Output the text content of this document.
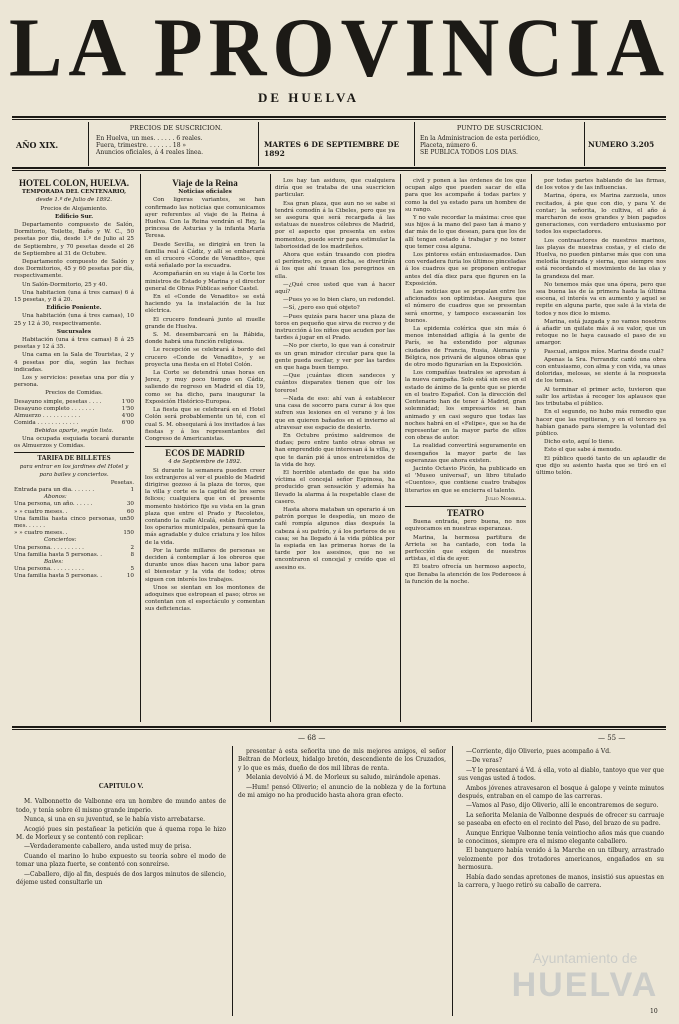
LA PROVINCIA
DE HUELVA
AÑO XIX.
PRECIOS DE SUSCRICION.
En Huelva, un mes. . . . . . 6 reales.
Fuera, trimestre. . . . . . . 18 »
Anuncios oficiales, á 4 reales línea.
MARTES 6 DE SEPTIEMBRE DE 1892
PUNTO DE SUSCRICION.
En la Administracion de esta periódico,
Placeta, número 6.
SE PUBLICA TODOS LOS DIAS.
NUMERO 3.205
HOTEL COLON, HUELVA.

TEMPORADA DEL CENTENARIO,

desde 1.º de Julio de 1892.

Precios de Alojamiento.

Edificio Sur.

Departamento compuesto de Salón, Dormitorio, Toilette, Baño y W. C., 50 pesetas por día, desde 1.º de Julio al 25 de Septiembre, y 70 pesetas desde el 26 de Septiembre al 31 de Octubre.

Departamento compuesto de Salón y dos Dormitorios, 45 y 60 pesetas por día, respectivamente.

Un Salón-Dormitorio, 25 y 40.

Una habitacion (una á tres camas) 6 á 15 pesetas, y 8 á 20.

Edificio Poniente.

Una habitación (una á tres camas), 10 25 y 12 á 30, respectivamente.

Sucursales

Habitación (una á tres camas) 8 á 25 pesetas y 12 á 35.

Una cama en la Sala de Touristas, 2 y 4 pesetas por día, según las fechas indicadas.

Los y servicios: pesetas una por día y persona.

Precios de Comidas.

Desayuno simple, pesetas . . . .	1'00
Desayuno completo . . . . . . .	1'50
Almuerzo . . . . . . . . . . .	4'00
Comida . . . . . . . . . . . .	6'00

Bebidas aparte, según lista.

Una ocupada esquiada tocará durante os Almuerzos y Comidas.

TARIFA DE BILLETES

para entrar en los jardines del Hotel y para bailes y conciertos.

Pesetas.
Entrada para un dia. . . . . . .	1
Abonos:
Una persona, un año. . . . . .	30
» » cuatro meses. .	60
Una familia hasta cinco personas, un mes. . . . . .
50
» » cuatro meses. .	150
Conciertos:
Una persona. . . . . . . . . .	2
Una familia hasta 5 personas. .	8
Bailes:
Una persona. . . . . . . . . .	5
Una familia hasta 5 personas. .	10
Viaje de la Reina

Noticias oficiales

Con ligeras variantes, se han confirmado las noticias que comunicamos ayer referentes al viaje de la Reina á Huelva. Con la Reina vendrán el Rey, la princesa de Asturias y la infanta María Teresa.

Desde Sevilla, se dirigirá en tren la familia real á Cádiz, y allí se embarcará en el crucero «Conde de Venadito», que está señalado por la escuadra.

Acompañarán en su viaje á la Corte los ministros de Estado y Marina y el director general de Obras Públicas señor Castel.

En el «Conde de Venadito» se está haciendo ya la instalación de la luz eléctrica.

El crucero fondeará junto al muelle grande de Huelva.

S. M. desembarcará en la Rábida, donde habrá una función religiosa.

Le recepción se celebrará á bordo del crucero «Conde de Venadito», y se proyecta una fiesta en el Hotel Colón.

La Corte se detendrá unas horas en Jerez, y muy poco tiempo en Cádiz, saliendo de regreso en Madrid el día 19, como se ha dicho, para inaugurar la Exposición Histórico-Europea.

La fiesta que se celebrará en el Hotel Colón será probablemente un té, con el cual S. M. obsequiará á los invitados á las fiestas y á los representantes del Congreso de Americanistas.

ECOS DE MADRID

4 de Septiembre de 1892.

Si durante la semanera pueden creer los extranjeros al ver el pueblo de Madrid dirigirse gozoso á la plaza de toros, que la villa y corte es la capital de los seres felices; cualquiera que en el presente momento histórico fije su vista en la gran plaza que entre el Prado y Recoletos, contando la calle Alcalá, están formando los operarios municipales, pensará que la más agradable y dulce criatura y los hilos de la vida.

Por la tarde millares de personas se deciden á contemplar á los obreros que durante unos días hacen una labor para el bienestar y la vida de todos; otros siguen con interés los trabajos.

Unos se sientan en los montones de adoquines que estropean el paso; otros se contentan con el espectáculo y comentan sus deficiencias.

Los hay tan asiduos, que cualquiera diría que se trataba de una suscricion particular.

Esa gran plaza, que aun no se sabe si tendrá comodín á la Cibeles, pero que ya se asegura que será recargada á las estatuas de nuestros célebres de Madrid, por el aspecto que presenta en estos momentos, puede servir para estimular la laboriosidad de los madrileños.

Ahora que están trasando con piedra el perímetro, es gran dicha, se divertirán á los que ahí trasan los peregrinos en ella.

—¿Qué cree usted que van á hacer aquí?

—Pues yo se lo bien claro, un redondel.

—Sí, ¿pero eso qué objeto?

—Pues quizás para hacer una plaza de toros en pequeño que sirva de recreo y de instrucción á los niños que acuden por las tardes á jugar en el Prado.

—No por cierto, lo que van á construir es un gran mirador circular para que la gente pueda oscilar, y ver por las tardes en que haga buen tiempo.

—Que ¡cuántas dicen sandeces y cuántos disparates tienen que oír los toreros!

—Nada de eso: ahí van á establecer una casa de socorro para curar á los que sufren sus lesiones en el verano y á los que en quieren bañados en el invierno al atravesar ese espacio de desierto.

En Octubre próximo saldremos de dudas; pero entre tanto otras obras se han emprendido que interesan á la villa, y que te darán pié á unos entretenidos de la vida de hoy.

El horrible atentado de que ha sido víctima el concejal señor Espinosa, ha producido gran sensación y además ha llevado la alarma á la respetable clase de casero.

Hasta ahora mataban un operario á un patrón porque le despedía, un mozo de café rompía algunos días después la cabeza á su patrón, y á los porteros de su casa; se ha llegado á la vida pública por la espiada en las primeras horas de la tarde por los asesinos, que no se encontraron el concejal y creído que el asesino es.

civil y ponen á las órdenes de los que ocupan algo que pueden sacar de ella para que les acompañe á todas partes y como la del ya estado para un hombre de su rango.

Y no vale recordar la máxima: cree que sus hijos á la mano del paso tan á mano y dar más de lo que desean, para que los de allí tengan estado á trabajar y no tener que temer cosa alguna.

Los pintores están entusiasmados. Dan con verdadera furia los últimos pinceladas á los cuadros que se proponen entregar antes del día diez para que figuren en la Exposición.

Las noticias que se propalan entre los aficionados son optimistas. Asegura que el número de cuadros que se presentan será enorme, y tampoco escasearán los buenos.

La epidemia colérica que sin más ó menos intensidad afligía á la gente de París, se ha extendido por algunas ciudades de Francia, Rusia, Alemania y Bélgica, nos privará de algunos obras que de otro modo figurarían en la Exposición.

Los compañías teatrales se aprestan á la nueva campaña. Solo está sin eso en el estado de ánimo de la gente que se pierde en el teatro Español. Con la dirección del Centenario han de tener á Madrid, gran solemnidad; los empresarios se han animado y en casi seguro que todas las noches habrá en el «Felipe», que se ha de representar en la mayor parte de ellos con obras de autor.

La realidad convertirá seguramente en desengaños la mayor parte de las esperanzas que ahora existen.

Jacinto Octavio Picón, ha publicado en el 'Museo universal', un libro titulado «Cuentos», que contiene cuatro trabajos literarios en que se encierra el talento.

Julio Nombela.

TEATRO

Buena entrada, pero buena, no nos equivocamos en nuestras esperanzas.

Marina, la hermosa partitura de Arrieta se ha cantado, con toda la perfección que exigen de nuestros artistas, el día de ayer.

El teatro ofrecía un hermoso aspecto, que llenaba la atención de los Poderosos á la función de la noche.

por todas partes hablando de las firmas, de los votos y de las influencias.

Marina, ópera, es Marina zarzuela, unos recitados, á pie que con dio, y para V. de contar; la señorita, lo cultiva, el año á marcharon de esos grandes y bien pagados generaciones, con verdadero entusiasmo por todos los espectadores.

Los contraactores de nuestros marinos, las playas de nuestras costas, y el cielo de Huelva, no pueden pintarse más que con una melodía inspirada y sierna, que siempre nos está recordando el movimiento de las olas y la grandeza del mar.

No tenemos más que una ópera, pero que sea buena las de ía primera hasta la última escena, el interés va en aumento y aquel se repite en alguna parte, que sale á la vista de todos y nos dice lo mismo.

Marina, está juzgada y no vamos nosotros á añadir un quilate más á su valor, que un retoque no le haya causado el paso de su amargor.

Pascual, amigos míos. Marina desde cual?

Apenas la Sra. Ferrandiz cantó una obra con entusiasmo, con alma y con vida, va unas doloridas, melosas, se siente á la respuesta de los temas.

Al terminar el primer acto, tuvieron que salir los artistas á recoger los aplausos que les tributaba el público.

En el segundo, no hubo más remedio que hacer que las repitieran, y en el tercero ya habían ganado para siempre la voluntad del público.

Dicho esto, aquí lo tiene.

Esto el que sabe á menudo.

El público quedó tanto de un aplaudir de que dijo su asiento hasta que se tiró en el último telón.

— 68 —	— 55 —
CAPITULO V.

M. Valbonnetto de Valbonne era un hombre de mundo antes de todo, y tenía sobre él mismo grande imperio.

Nunca, si una en su juventud, se le había visto arrebatarse.

Acogió pues sin pestañear la petición que á quema ropa le hizo M. de Morleux y se contentó con replicar:

—Verdaderamente caballero, anda usted muy de prisa.

Cuando el marino lo hubo expuesto su teoría sobre el modo de tomar una plaza fuerte, se contentó con sonreírse.

—Caballero, dijo al fin, después de dos largos minutos de silencio, déjeme usted consultarle un

presentar á esta señorita uno de mis mejores amigos, el señor Beltran de Morleux, hidalgo bretón, descendiente de los Cruzados, y lo que es más, dueño de dos mil libras de renta.

Melania devolvió á M. de Morleux su saludo, mirándole apenas.

—Hum! pensó Oliverio; el anuncio de la nobleza y de la fortuna de mi amigo no ha producido hasta ahora gran efecto.

—Corriente, dijo Oliverio, pues acompaño á Vd.

—De veras?

—Y le presentaré á Vd. á ella, voto al diablo, tantoyo que ver que sus vengas usted á todos.

Ambos jóvenes atravesaron el bosque á galope y veinte minutos después, entraban en el campo de las carreras.

—Vamos al Paso, dijo Oliverio, allí le encontraremos de seguro.

La señorita Melania de Valbonne después de ofrecer su carruaje se paseaba en efecto en el recinto del Paso, del brazo de su padre.

Aunque Enrique Valbonne tenía veintiocho años más que cuando le conocimos, siempre era el mismo elegante caballero.

El banquero había venido á la Marche en un tilbury, arrastrado velozmente por dos trotadores americanos, engañados en su hermosura.

Había dado sendas apretones de manos, insistió sus apuestas en la carrera, y luego retiró su caballo de carrera.

10
Ayuntamiento de
HUELVA
